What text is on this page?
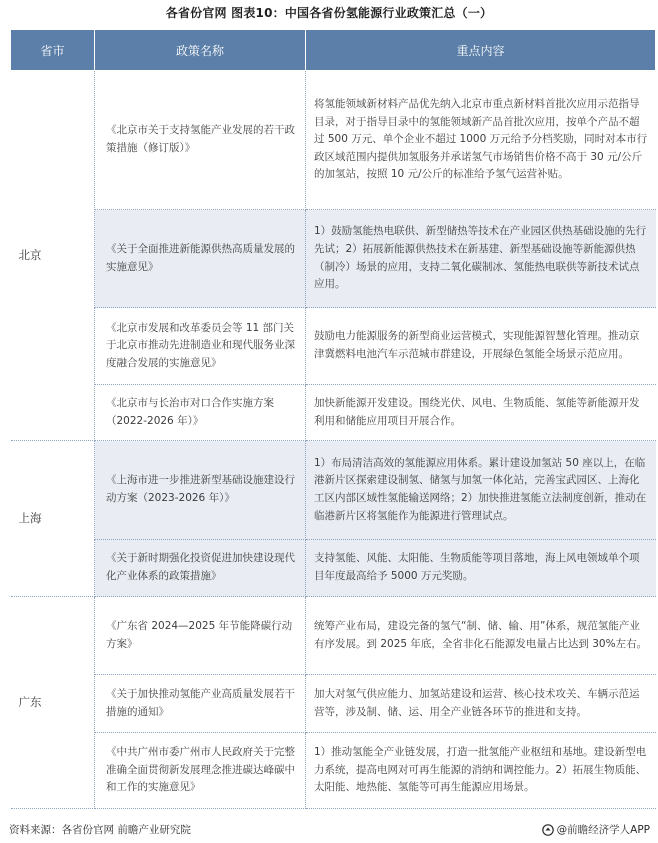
各省份官网 图表10：中国各省份氢能源行业政策汇总（一）
省市	政策名称	重点内容
北京	《北京市关于支持氢能产业发展的若干政策措施（修订版）》	将氢能领域新材料产品优先纳入北京市重点新材料首批次应用示范指导目录，对于指导目录中的氢能领域新产品首批次应用，按单个产品不超过 500 万元、单个企业不超过 1000 万元给予分档奖励，同时对本市行政区域范围内提供加氢服务并承诺氢气市场销售价格不高于 30 元/公斤的加氢站，按照 10 元/公斤的标准给予氢气运营补贴。
	《关于全面推进新能源供热高质量发展的实施意见》	1）鼓励氢能热电联供、新型储热等技术在产业园区供热基础设施的先行先试；2）拓展新能源供热技术在新基建、新型基础设施等新能源供热（制冷）场景的应用，支持二氧化碳制冰、氢能热电联供等新技术试点应用。
	《北京市发展和改革委员会等 11 部门关于北京市推动先进制造业和现代服务业深度融合发展的实施意见》	鼓励电力能源服务的新型商业运营模式，实现能源智慧化管理。推动京津冀燃料电池汽车示范城市群建设，开展绿色氢能全场景示范应用。
	《北京市与长治市对口合作实施方案（2022-2026 年）》	加快新能源开发建设。围绕光伏、风电、生物质能、氢能等新能源开发利用和储能应用项目开展合作。
上海	《上海市进一步推进新型基础设施建设行动方案（2023-2026 年）》	1）布局清洁高效的氢能源应用体系。累计建设加氢站 50 座以上，在临港新片区探索建设制氢、储氢与加氢一体化站，完善宝武园区、上海化工区内部区域性氢能输送网络；2）加快推进氢能立法制度创新，推动在临港新片区将氢能作为能源进行管理试点。
	《关于新时期强化投资促进加快建设现代化产业体系的政策措施》	支持氢能、风能、太阳能、生物质能等项目落地，海上风电领域单个项目年度最高给予 5000 万元奖励。
广东	《广东省 2024—2025 年节能降碳行动方案》	统筹产业布局，建设完备的氢气“制、储、输、用”体系，规范氢能产业有序发展。到 2025 年底，全省非化石能源发电量占比达到 30%左右。
	《关于加快推动氢能产业高质量发展若干措施的通知》	加大对氢气供应能力、加氢站建设和运营、核心技术攻关、车辆示范运营等，涉及制、储、运、用全产业链各环节的推进和支持。
	《中共广州市委广州市人民政府关于完整准确全面贯彻新发展理念推进碳达峰碳中和工作的实施意见》	1）推动氢能全产业链发展，打造一批氢能产业枢纽和基地。建设新型电力系统，提高电网对可再生能源的消纳和调控能力。2）拓展生物质能、太阳能、地热能、氢能等可再生能源应用场景。
资料来源：各省份官网 前瞻产业研究院	@前瞻经济学人APP
